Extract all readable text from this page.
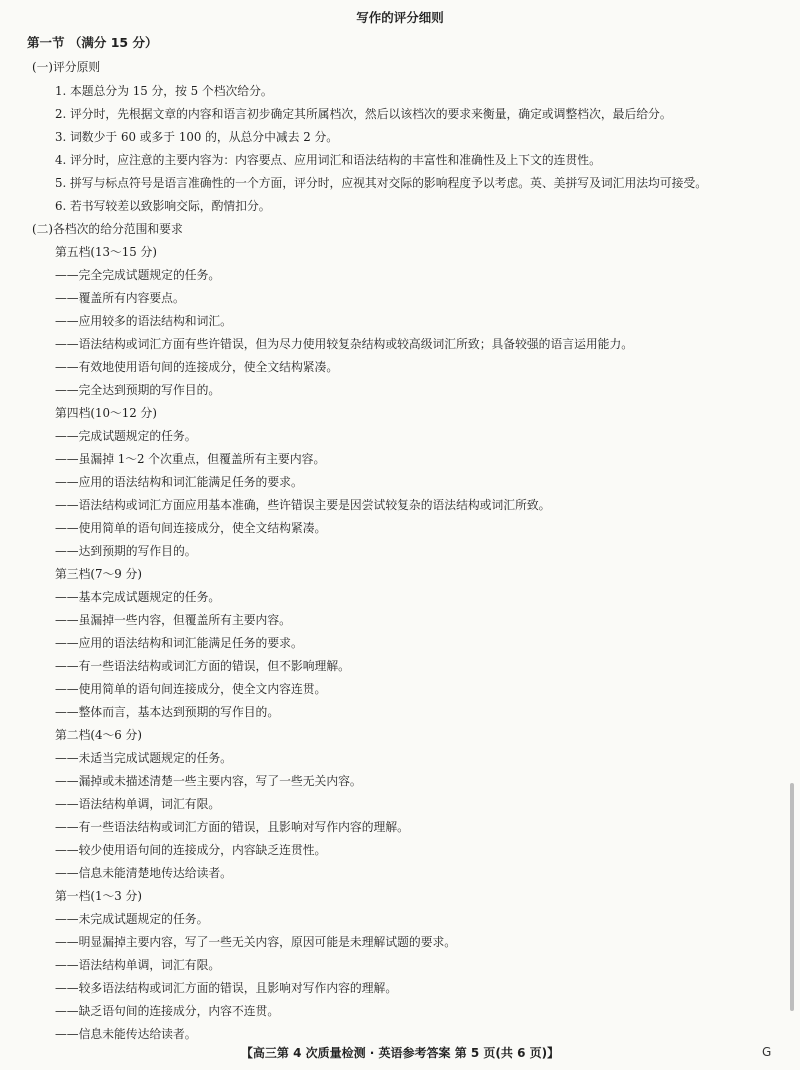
写作的评分细则
第一节 （满分 15 分）
(一)评分原则
1. 本题总分为 15 分，按 5 个档次给分。
2. 评分时，先根据文章的内容和语言初步确定其所属档次，然后以该档次的要求来衡量，确定或调整档次，最后给分。
3. 词数少于 60 或多于 100 的，从总分中减去 2 分。
4. 评分时，应注意的主要内容为：内容要点、应用词汇和语法结构的丰富性和准确性及上下文的连贯性。
5. 拼写与标点符号是语言准确性的一个方面，评分时，应视其对交际的影响程度予以考虑。英、美拼写及词汇用法均可接受。
6. 若书写较差以致影响交际，酌情扣分。
(二)各档次的给分范围和要求
第五档(13～15 分)
——完全完成试题规定的任务。
——覆盖所有内容要点。
——应用较多的语法结构和词汇。
——语法结构或词汇方面有些许错误，但为尽力使用较复杂结构或较高级词汇所致；具备较强的语言运用能力。
——有效地使用语句间的连接成分，使全文结构紧凑。
——完全达到预期的写作目的。
第四档(10～12 分)
——完成试题规定的任务。
——虽漏掉 1～2 个次重点，但覆盖所有主要内容。
——应用的语法结构和词汇能满足任务的要求。
——语法结构或词汇方面应用基本准确，些许错误主要是因尝试较复杂的语法结构或词汇所致。
——使用简单的语句间连接成分，使全文结构紧凑。
——达到预期的写作目的。
第三档(7～9 分)
——基本完成试题规定的任务。
——虽漏掉一些内容，但覆盖所有主要内容。
——应用的语法结构和词汇能满足任务的要求。
——有一些语法结构或词汇方面的错误，但不影响理解。
——使用简单的语句间连接成分，使全文内容连贯。
——整体而言，基本达到预期的写作目的。
第二档(4～6 分)
——未适当完成试题规定的任务。
——漏掉或未描述清楚一些主要内容，写了一些无关内容。
——语法结构单调，词汇有限。
——有一些语法结构或词汇方面的错误，且影响对写作内容的理解。
——较少使用语句间的连接成分，内容缺乏连贯性。
——信息未能清楚地传达给读者。
第一档(1～3 分)
——未完成试题规定的任务。
——明显漏掉主要内容，写了一些无关内容，原因可能是未理解试题的要求。
——语法结构单调，词汇有限。
——较多语法结构或词汇方面的错误，且影响对写作内容的理解。
——缺乏语句间的连接成分，内容不连贯。
——信息未能传达给读者。
【高三第 4 次质量检测 · 英语参考答案 第 5 页(共 6 页)】	G
